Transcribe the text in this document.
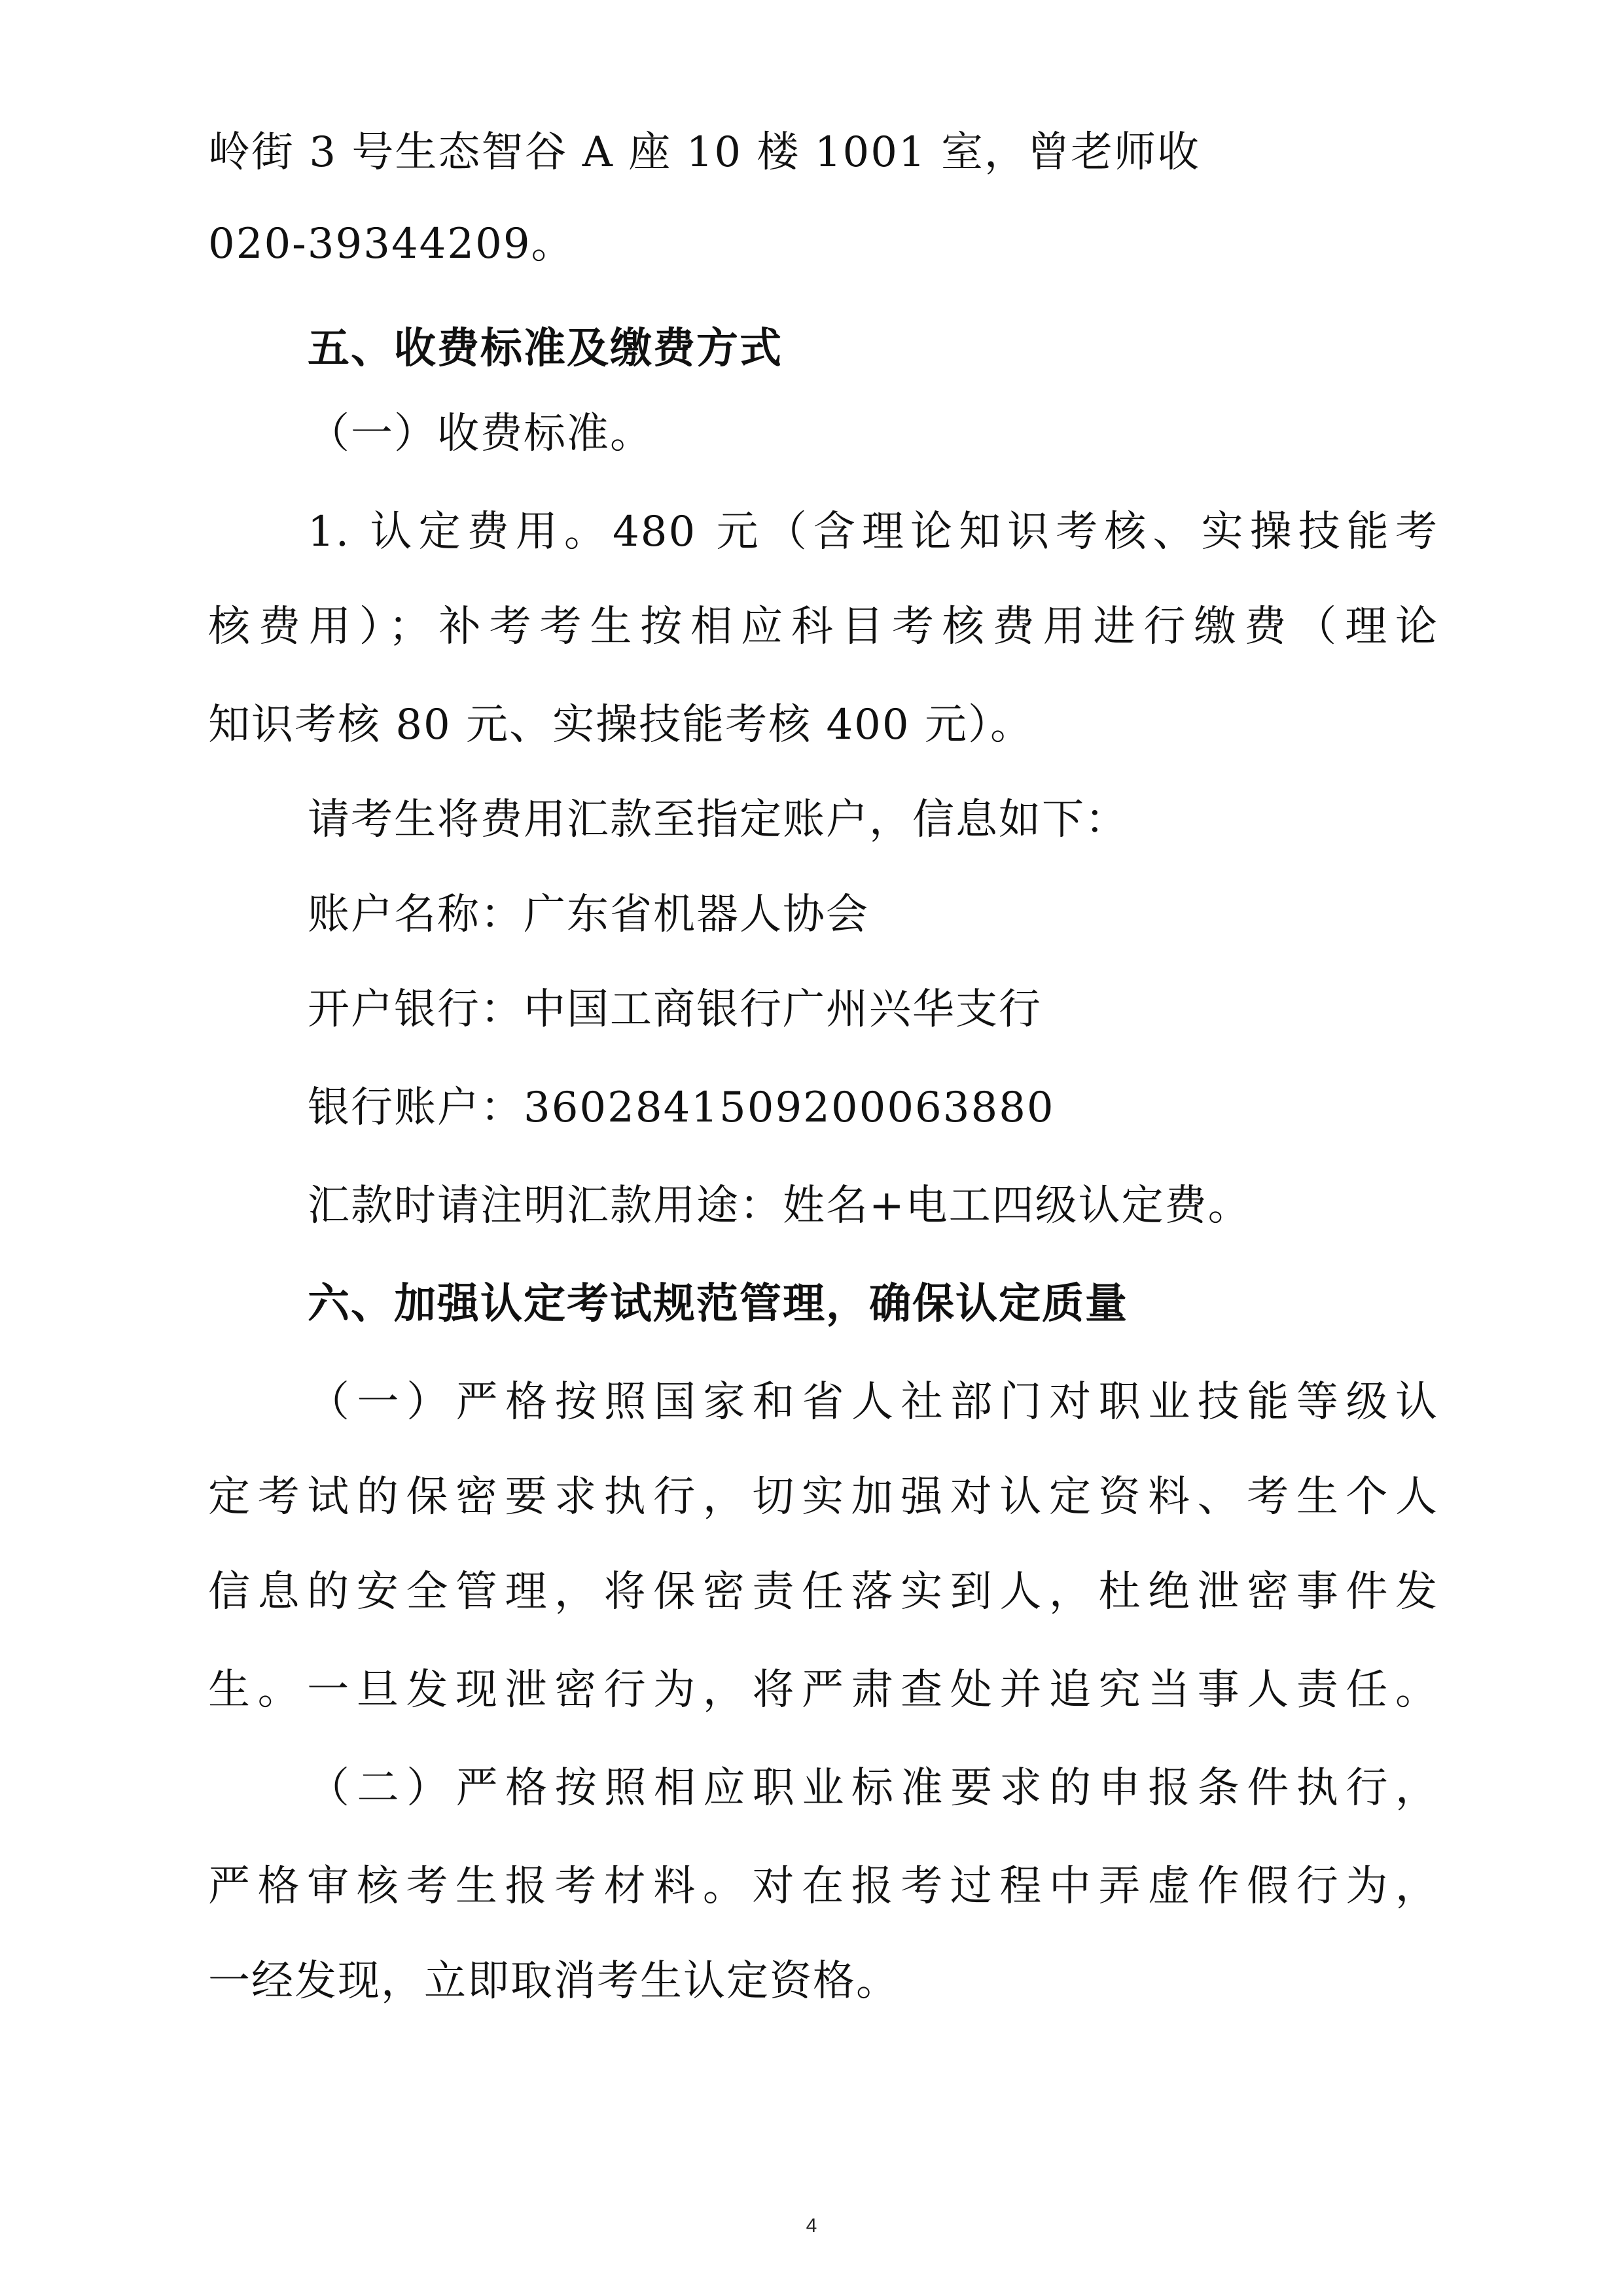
岭街 3 号生态智谷 A 座 10 楼 1001 室，曾老师收
020-39344209。
五、收费标准及缴费方式
（一）收费标准。
1. 认定费用。480 元（含理论知识考核、实操技能考
核费用）；补考考生按相应科目考核费用进行缴费（理论
知识考核 80 元、实操技能考核 400 元）。
请考生将费用汇款至指定账户，信息如下：
账户名称：广东省机器人协会
开户银行：中国工商银行广州兴华支行
银行账户：3602841509200063880
汇款时请注明汇款用途：姓名+电工四级认定费。
六、加强认定考试规范管理，确保认定质量
（一）严格按照国家和省人社部门对职业技能等级认
定考试的保密要求执行，切实加强对认定资料、考生个人
信息的安全管理，将保密责任落实到人，杜绝泄密事件发
生。一旦发现泄密行为，将严肃查处并追究当事人责任。
（二）严格按照相应职业标准要求的申报条件执行，
严格审核考生报考材料。对在报考过程中弄虚作假行为，
一经发现，立即取消考生认定资格。
4
